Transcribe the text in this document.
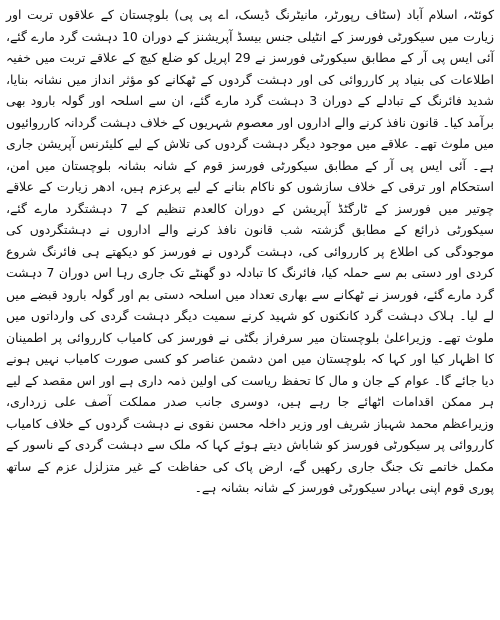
کوئٹہ، اسلام آباد (سٹاف رپورٹر، مانیٹرنگ ڈیسک، اے پی پی) بلوچستان کے علاقوں تربت اور زیارت میں سیکورٹی فورسز کے انٹیلی جنس بیسڈ آپریشنز کے دوران 10 دہشت گرد مارے گئے، آئی ایس پی آر کے مطابق سیکورٹی فورسز نے 29 اپریل کو ضلع کیچ کے علاقے تربت میں خفیہ اطلاعات کی بنیاد پر کارروائی کی اور دہشت گردوں کے ٹھکانے کو مؤثر انداز میں نشانہ بنایا، شدید فائرنگ کے تبادلے کے دوران 3 دہشت گرد مارے گئے، ان سے اسلحہ اور گولہ بارود بھی برآمد کیا۔ قانون نافذ کرنے والے اداروں اور معصوم شہریوں کے خلاف دہشت گردانہ کارروائیوں میں ملوث تھے۔ علاقے میں موجود دیگر دہشت گردوں کی تلاش کے لیے کلیئرنس آپریشن جاری ہے۔ آئی ایس پی آر کے مطابق سیکورٹی فورسز قوم کے شانہ بشانہ بلوچستان میں امن، استحکام اور ترقی کے خلاف سازشوں کو ناکام بنانے کے لیے پرعزم ہیں، ادھر زیارت کے علاقے چوتیر میں فورسز کے ٹارگٹڈ آپریشن کے دوران کالعدم تنظیم کے 7 دہشتگرد مارے گئے، سیکورٹی ذرائع کے مطابق گزشتہ شب قانون نافذ کرنے والے اداروں نے دہشتگردوں کی موجودگی کی اطلاع پر کارروائی کی، دہشت گردوں نے فورسز کو دیکھتے ہی فائرنگ شروع کردی اور دستی بم سے حملہ کیا، فائرنگ کا تبادلہ دو گھنٹے تک جاری رہا اس دوران 7 دہشت گرد مارے گئے، فورسز نے ٹھکانے سے بھاری تعداد میں اسلحہ دستی بم اور گولہ بارود قبضے میں لے لیا۔ ہلاک دہشت گرد کانکنوں کو شہید کرنے سمیت دیگر دہشت گردی کی وارداتوں میں ملوث تھے۔ وزیراعلیٰ بلوچستان میر سرفراز بگٹی نے فورسز کی کامیاب کارروائی پر اطمینان کا اظہار کیا اور کہا کہ بلوچستان میں امن دشمن عناصر کو کسی صورت کامیاب نہیں ہونے دیا جائے گا۔ عوام کے جان و مال کا تحفظ ریاست کی اولین ذمہ داری ہے اور اس مقصد کے لیے ہر ممکن اقدامات اٹھائے جا رہے ہیں، دوسری جانب صدر مملکت آصف علی زرداری، وزیراعظم محمد شہباز شریف اور وزیر داخلہ محسن نقوی نے دہشت گردوں کے خلاف کامیاب کارروائی پر سیکورٹی فورسز کو شاباش دیتے ہوئے کہا کہ ملک سے دہشت گردی کے ناسور کے مکمل خاتمے تک جنگ جاری رکھیں گے، ارض پاک کی حفاظت کے غیر متزلزل عزم کے ساتھ پوری قوم اپنی بہادر سیکورٹی فورسز کے شانہ بشانہ ہے۔
